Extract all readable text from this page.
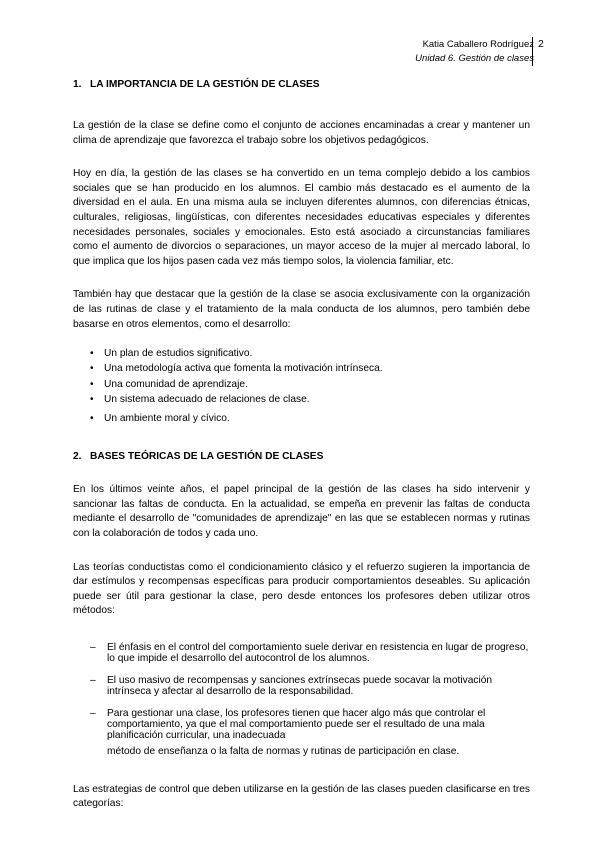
Katia Caballero Rodríguez
Unidad 6. Gestión de clases
2
1. LA IMPORTANCIA DE LA GESTIÓN DE CLASES

La gestión de la clase se define como el conjunto de acciones encaminadas a crear y mantener un clima de aprendizaje que favorezca el trabajo sobre los objetivos pedagógicos.

Hoy en día, la gestión de las clases se ha convertido en un tema complejo debido a los cambios sociales que se han producido en los alumnos. El cambio más destacado es el aumento de la diversidad en el aula. En una misma aula se incluyen diferentes alumnos, con diferencias étnicas, culturales, religiosas, lingüísticas, con diferentes necesidades educativas especiales y diferentes necesidades personales, sociales y emocionales. Esto está asociado a circunstancias familiares como el aumento de divorcios o separaciones, un mayor acceso de la mujer al mercado laboral, lo que implica que los hijos pasen cada vez más tiempo solos, la violencia familiar, etc.

También hay que destacar que la gestión de la clase se asocia exclusivamente con la organización de las rutinas de clase y el tratamiento de la mala conducta de los alumnos, pero también debe basarse en otros elementos, como el desarrollo:

• Un plan de estudios significativo.
• Una metodología activa que fomenta la motivación intrínseca.
• Una comunidad de aprendizaje.
• Un sistema adecuado de relaciones de clase.
• Un ambiente moral y cívico.
2. BASES TEÓRICAS DE LA GESTIÓN DE CLASES

En los últimos veinte años, el papel principal de la gestión de las clases ha sido intervenir y sancionar las faltas de conducta. En la actualidad, se empeña en prevenir las faltas de conducta mediante el desarrollo de "comunidades de aprendizaje" en las que se establecen normas y rutinas con la colaboración de todos y cada uno.

Las teorías conductistas como el condicionamiento clásico y el refuerzo sugieren la importancia de dar estímulos y recompensas específicas para producir comportamientos deseables. Su aplicación puede ser útil para gestionar la clase, pero desde entonces los profesores deben utilizar otros métodos:

– El énfasis en el control del comportamiento suele derivar en resistencia en lugar de progreso, lo que impide el desarrollo del autocontrol de los alumnos.
– El uso masivo de recompensas y sanciones extrínsecas puede socavar la motivación intrínseca y afectar al desarrollo de la responsabilidad.
– Para gestionar una clase, los profesores tienen que hacer algo más que controlar el comportamiento, ya que el mal comportamiento puede ser el resultado de una mala planificación curricular, una inadecuada
método de enseñanza o la falta de normas y rutinas de participación en clase.

Las estrategias de control que deben utilizarse en la gestión de las clases pueden clasificarse en tres categorías:
